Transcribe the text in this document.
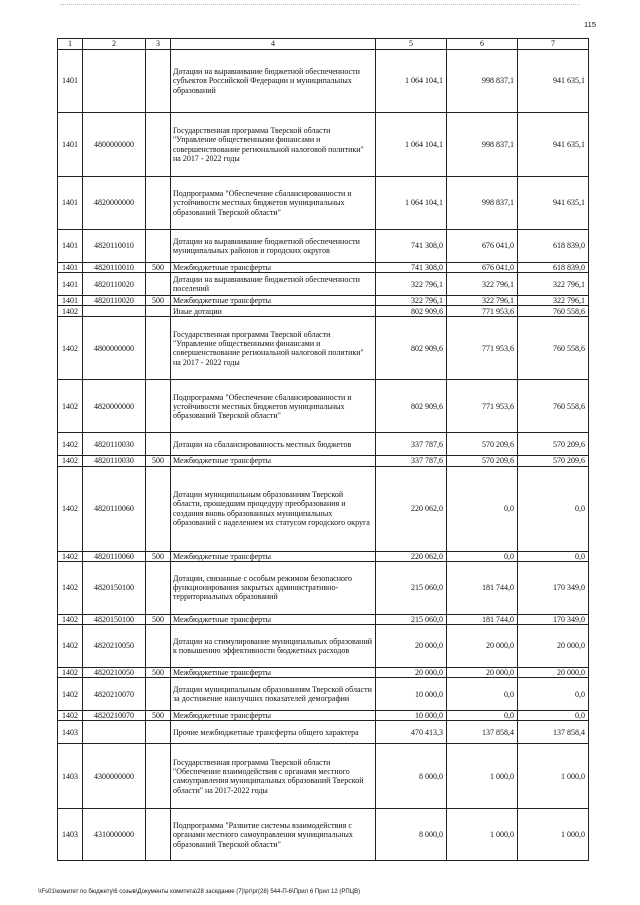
115
1	2	3	4	5	6	7
1401			Дотации на выравнивание бюджетной обеспеченности субъектов Российской Федерации и муниципальных образований	1 064 104,1	998 837,1	941 635,1
1401	4800000000		Государственная программа Тверской области "Управление общественными финансами и совершенствование региональной налоговой политики" на 2017 - 2022 годы	1 064 104,1	998 837,1	941 635,1
1401	4820000000		Подпрограмма "Обеспечение сбалансированности и устойчивости местных бюджетов муниципальных образований Тверской области"	1 064 104,1	998 837,1	941 635,1
1401	4820110010		Дотации на выравнивание бюджетной обеспеченности муниципальных районов и городских округов	741 308,0	676 041,0	618 839,0
1401	4820110010	500	Межбюджетные трансферты	741 308,0	676 041,0	618 839,0
1401	4820110020		Дотации на выравнивание бюджетной обеспеченности поселений	322 796,1	322 796,1	322 796,1
1401	4820110020	500	Межбюджетные трансферты	322 796,1	322 796,1	322 796,1
1402			Иные дотации	802 909,6	771 953,6	760 558,6
1402	4800000000		Государственная программа Тверской области "Управление общественными финансами и совершенствование региональной налоговой политики" на 2017 - 2022 годы	802 909,6	771 953,6	760 558,6
1402	4820000000		Подпрограмма "Обеспечение сбалансированности и устойчивости местных бюджетов муниципальных образований Тверской области"	802 909,6	771 953,6	760 558,6
1402	4820110030		Дотации на сбалансированность местных бюджетов	337 787,6	570 209,6	570 209,6
1402	4820110030	500	Межбюджетные трансферты	337 787,6	570 209,6	570 209,6
1402	4820110060		Дотации муниципальным образованиям Тверской области, прошедшим процедуру преобразования и создания вновь образованных муниципальных образований с наделением их статусом городского округа	220 062,0	0,0	0,0
1402	4820110060	500	Межбюджетные трансферты	220 062,0	0,0	0,0
1402	4820150100		Дотации, связанные с особым режимом безопасного функционирования закрытых административно-территориальных образований	215 060,0	181 744,0	170 349,0
1402	4820150100	500	Межбюджетные трансферты	215 060,0	181 744,0	170 349,0
1402	4820210050		Дотации на стимулирование муниципальных образований к повышению эффективности бюджетных расходов	20 000,0	20 000,0	20 000,0
1402	4820210050	500	Межбюджетные трансферты	20 000,0	20 000,0	20 000,0
1402	4820210070		Дотации муниципальным образованиям Тверской области за достижение наилучших показателей демографии	10 000,0	0,0	0,0
1402	4820210070	500	Межбюджетные трансферты	10 000,0	0,0	0,0
1403			Прочие межбюджетные трансферты общего характера	470 413,3	137 858,4	137 858,4
1403	4300000000		Государственная программа Тверской области "Обеспечение взаимодействия с органами местного самоуправления муниципальных образований Тверской области" на 2017-2022 годы	8 000,0	1 000,0	1 000,0
1403	4310000000		Подпрограмма "Развитие системы взаимодействия с органами местного самоуправления муниципальных образований Тверской области"	8 000,0	1 000,0	1 000,0
\\Fs01\комитет по бюджету\6 созыв\Документы комитета\28 заседание (7)\рг\рг(28) 544-П-6\Прил 6 Прил 12 (РПЦВ)
